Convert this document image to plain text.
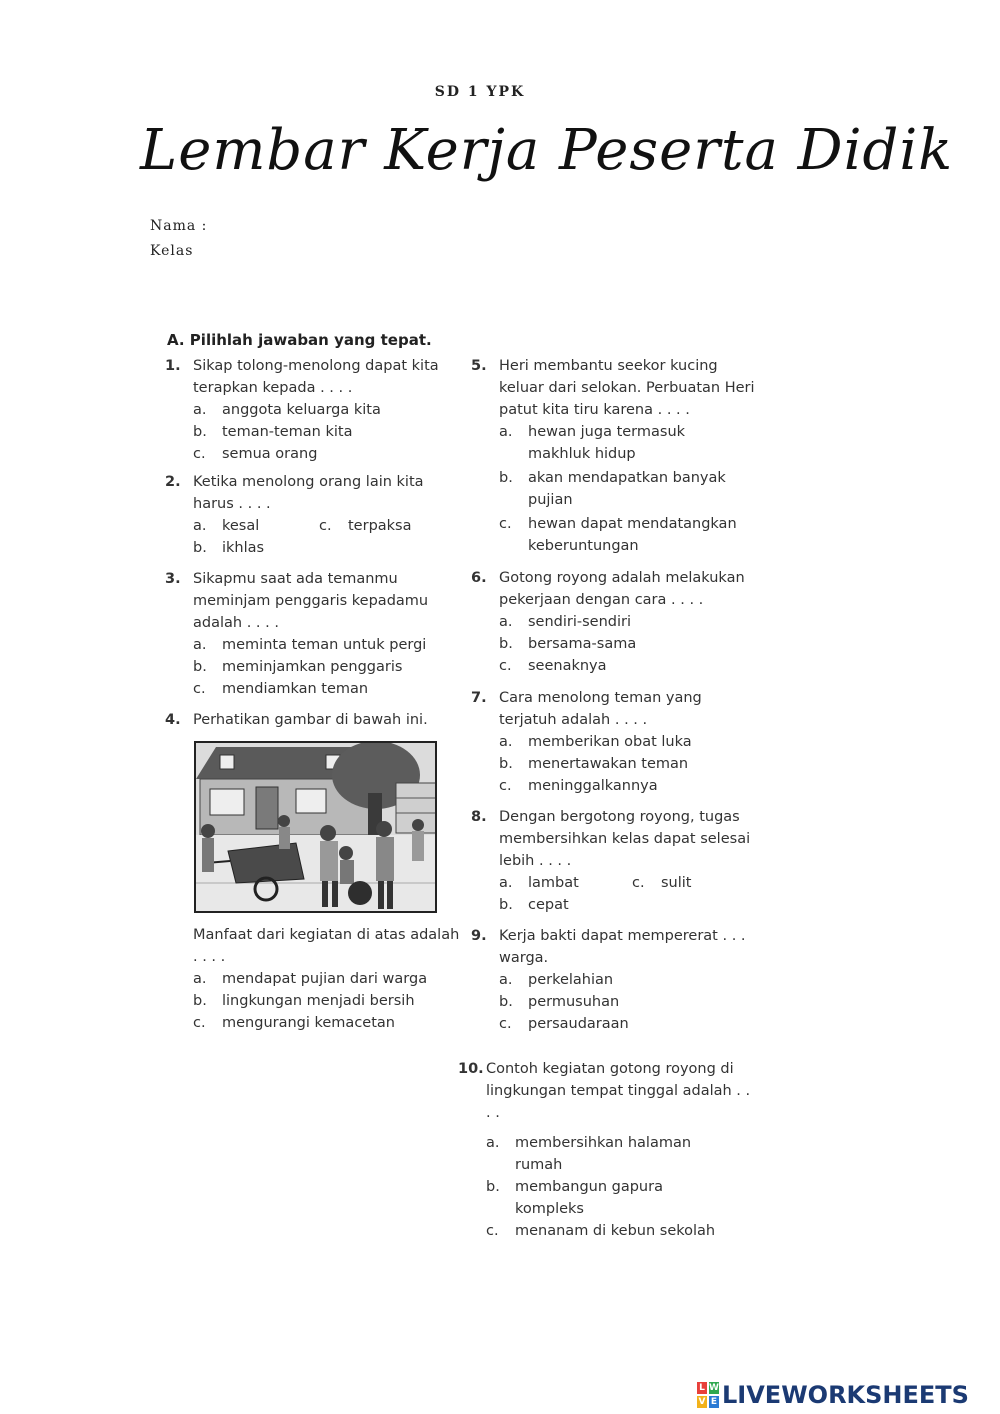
SD 1 YPK
Lembar Kerja Peserta Didik
Nama :
Kelas
A. Pilihlah jawaban yang tepat.
1. Sikap tolong-menolong dapat kita terapkan kepada . . . .
a.	anggota keluarga kita
b.	teman-teman kita
c.	semua orang
2. Ketika menolong orang lain kita harus . . . .
a.	kesal	c.	terpaksa
b.	ikhlas
3. Sikapmu saat ada temanmu meminjam penggaris kepadamu adalah . . . .
a.	meminta teman untuk pergi
b.	meminjamkan penggaris
c.	mendiamkan teman
4. Perhatikan gambar di bawah ini.
Manfaat dari kegiatan di atas adalah . . . .
a.	mendapat pujian dari warga
b.	lingkungan menjadi bersih
c.	mengurangi kemacetan
5. Heri membantu seekor kucing keluar dari selokan. Perbuatan Heri patut kita tiru karena . . . .
a.	hewan juga termasuk
makhluk hidup
b.	akan mendapatkan banyak
pujian
c.	hewan dapat mendatangkan
keberuntungan
6. Gotong royong adalah melakukan pekerjaan dengan cara . . . .
a.	sendiri-sendiri
b.	bersama-sama
c.	seenaknya
7. Cara menolong teman yang terjatuh adalah . . . .
a.	memberikan obat luka
b.	menertawakan teman
c.	meninggalkannya
8. Dengan bergotong royong, tugas membersihkan kelas dapat selesai lebih . . . .
a.	lambat	c.	sulit
b.	cepat
9. Kerja bakti dapat mempererat . . . warga.
a.	perkelahian
b.	permusuhan
c.	persaudaraan
10. Contoh kegiatan gotong royong di lingkungan tempat tinggal adalah . . . .
a.	membersihkan halaman
rumah
b.	membangun gapura
kompleks
c.	menanam di kebun sekolah
L W
V E LIVEWORKSHEETS
